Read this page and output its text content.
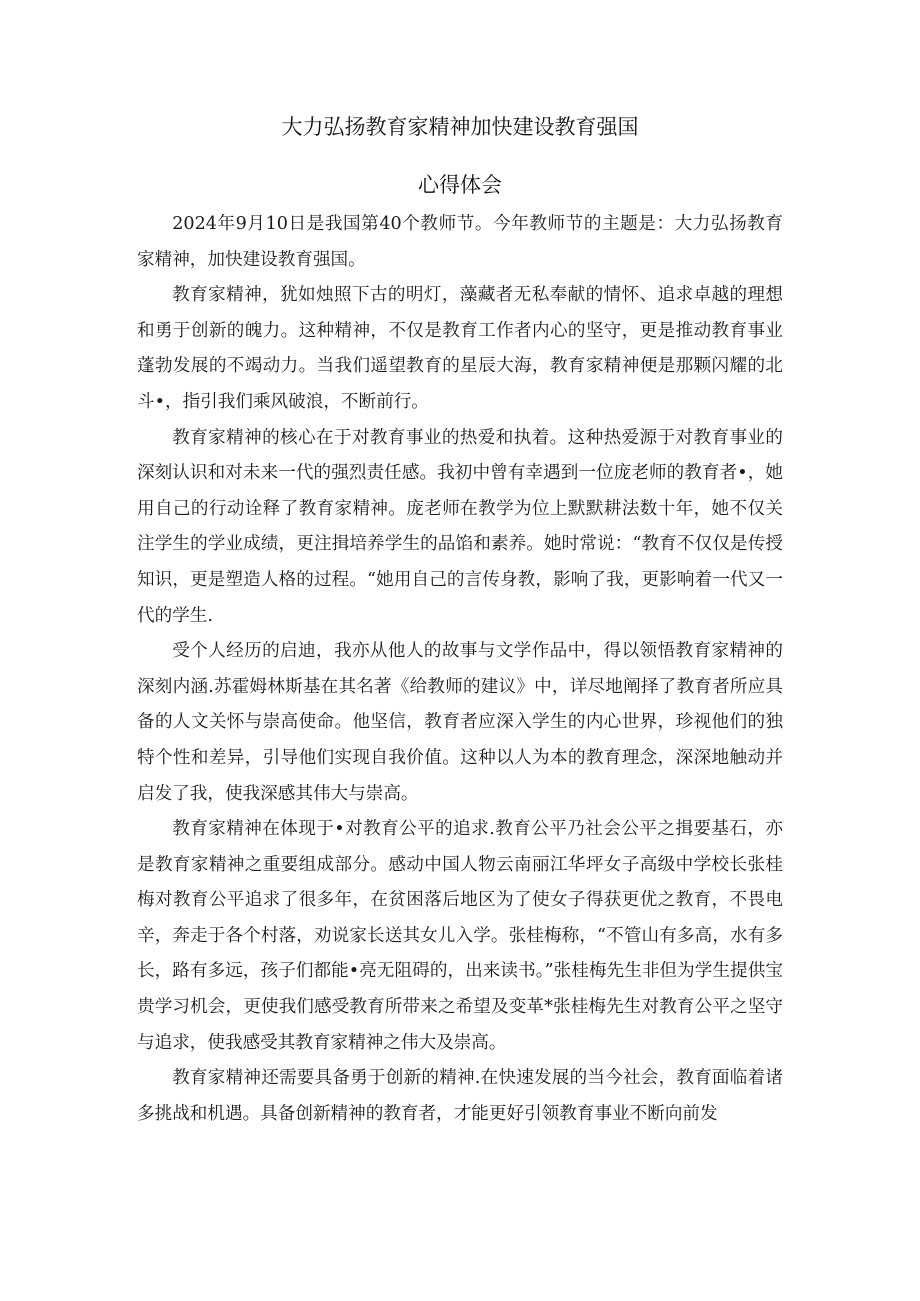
大力弘扬教育家精神加快建设教育强国
心得体会

2024年9月10日是我国第40个教师节。今年教师节的主题是：大力弘扬教育家精神，加快建设教育强国。

教育家精神，犹如烛照下古的明灯，藻藏者无私奉献的情怀、追求卓越的理想和勇于创新的魄力。这种精神，不仅是教育工作者内心的坚守，更是推动教育事业蓬勃发展的不竭动力。当我们遥望教育的星辰大海，教育家精神便是那颗闪耀的北斗•，指引我们乘风破浪，不断前行。

教育家精神的核心在于对教育事业的热爱和执着。这种热爱源于对教育事业的深刻认识和对未来一代的强烈责任感。我初中曾有幸遇到一位庞老师的教育者•，她用自己的行动诠释了教育家精神。庞老师在教学为位上默默耕法数十年，她不仅关注学生的学业成绩，更注揖培养学生的品馅和素养。她时常说：“教育不仅仅是传授知识，更是塑造人格的过程。“她用自己的言传身教，影响了我，更影响着一代又一代的学生.

受个人经历的启迪，我亦从他人的故事与文学作品中，得以领悟教育家精神的深刻内涵.苏霍姆林斯基在其名著《给教师的建议》中，详尽地阐择了教育者所应具备的人文关怀与崇高使命。他坚信，教育者应深入学生的内心世界，珍视他们的独特个性和差异，引导他们实现自我价值。这种以人为本的教育理念，深深地触动并启发了我，使我深感其伟大与崇高。

教育家精神在体现于•对教育公平的追求.教育公平乃社会公平之揖要基石，亦是教育家精神之重要组成部分。感动中国人物云南丽江华坪女子高级中学校长张桂梅对教育公平追求了很多年，在贫困落后地区为了使女子得获更优之教育，不畏电辛，奔走于各个村落，劝说家长送其女儿入学。张桂梅称，“不管山有多高，水有多长，路有多远，孩子们都能•亮无阻碍的，出来读书。”张桂梅先生非但为学生提供宝贵学习机会，更使我们感受教育所带来之希望及变革*张桂梅先生对教育公平之坚守与追求，使我感受其教育家精神之伟大及崇高。

教育家精神还需要具备勇于创新的精神.在快速发展的当今社会，教育面临着诸多挑战和机遇。具备创新精神的教育者，才能更好引领教育事业不断向前发
